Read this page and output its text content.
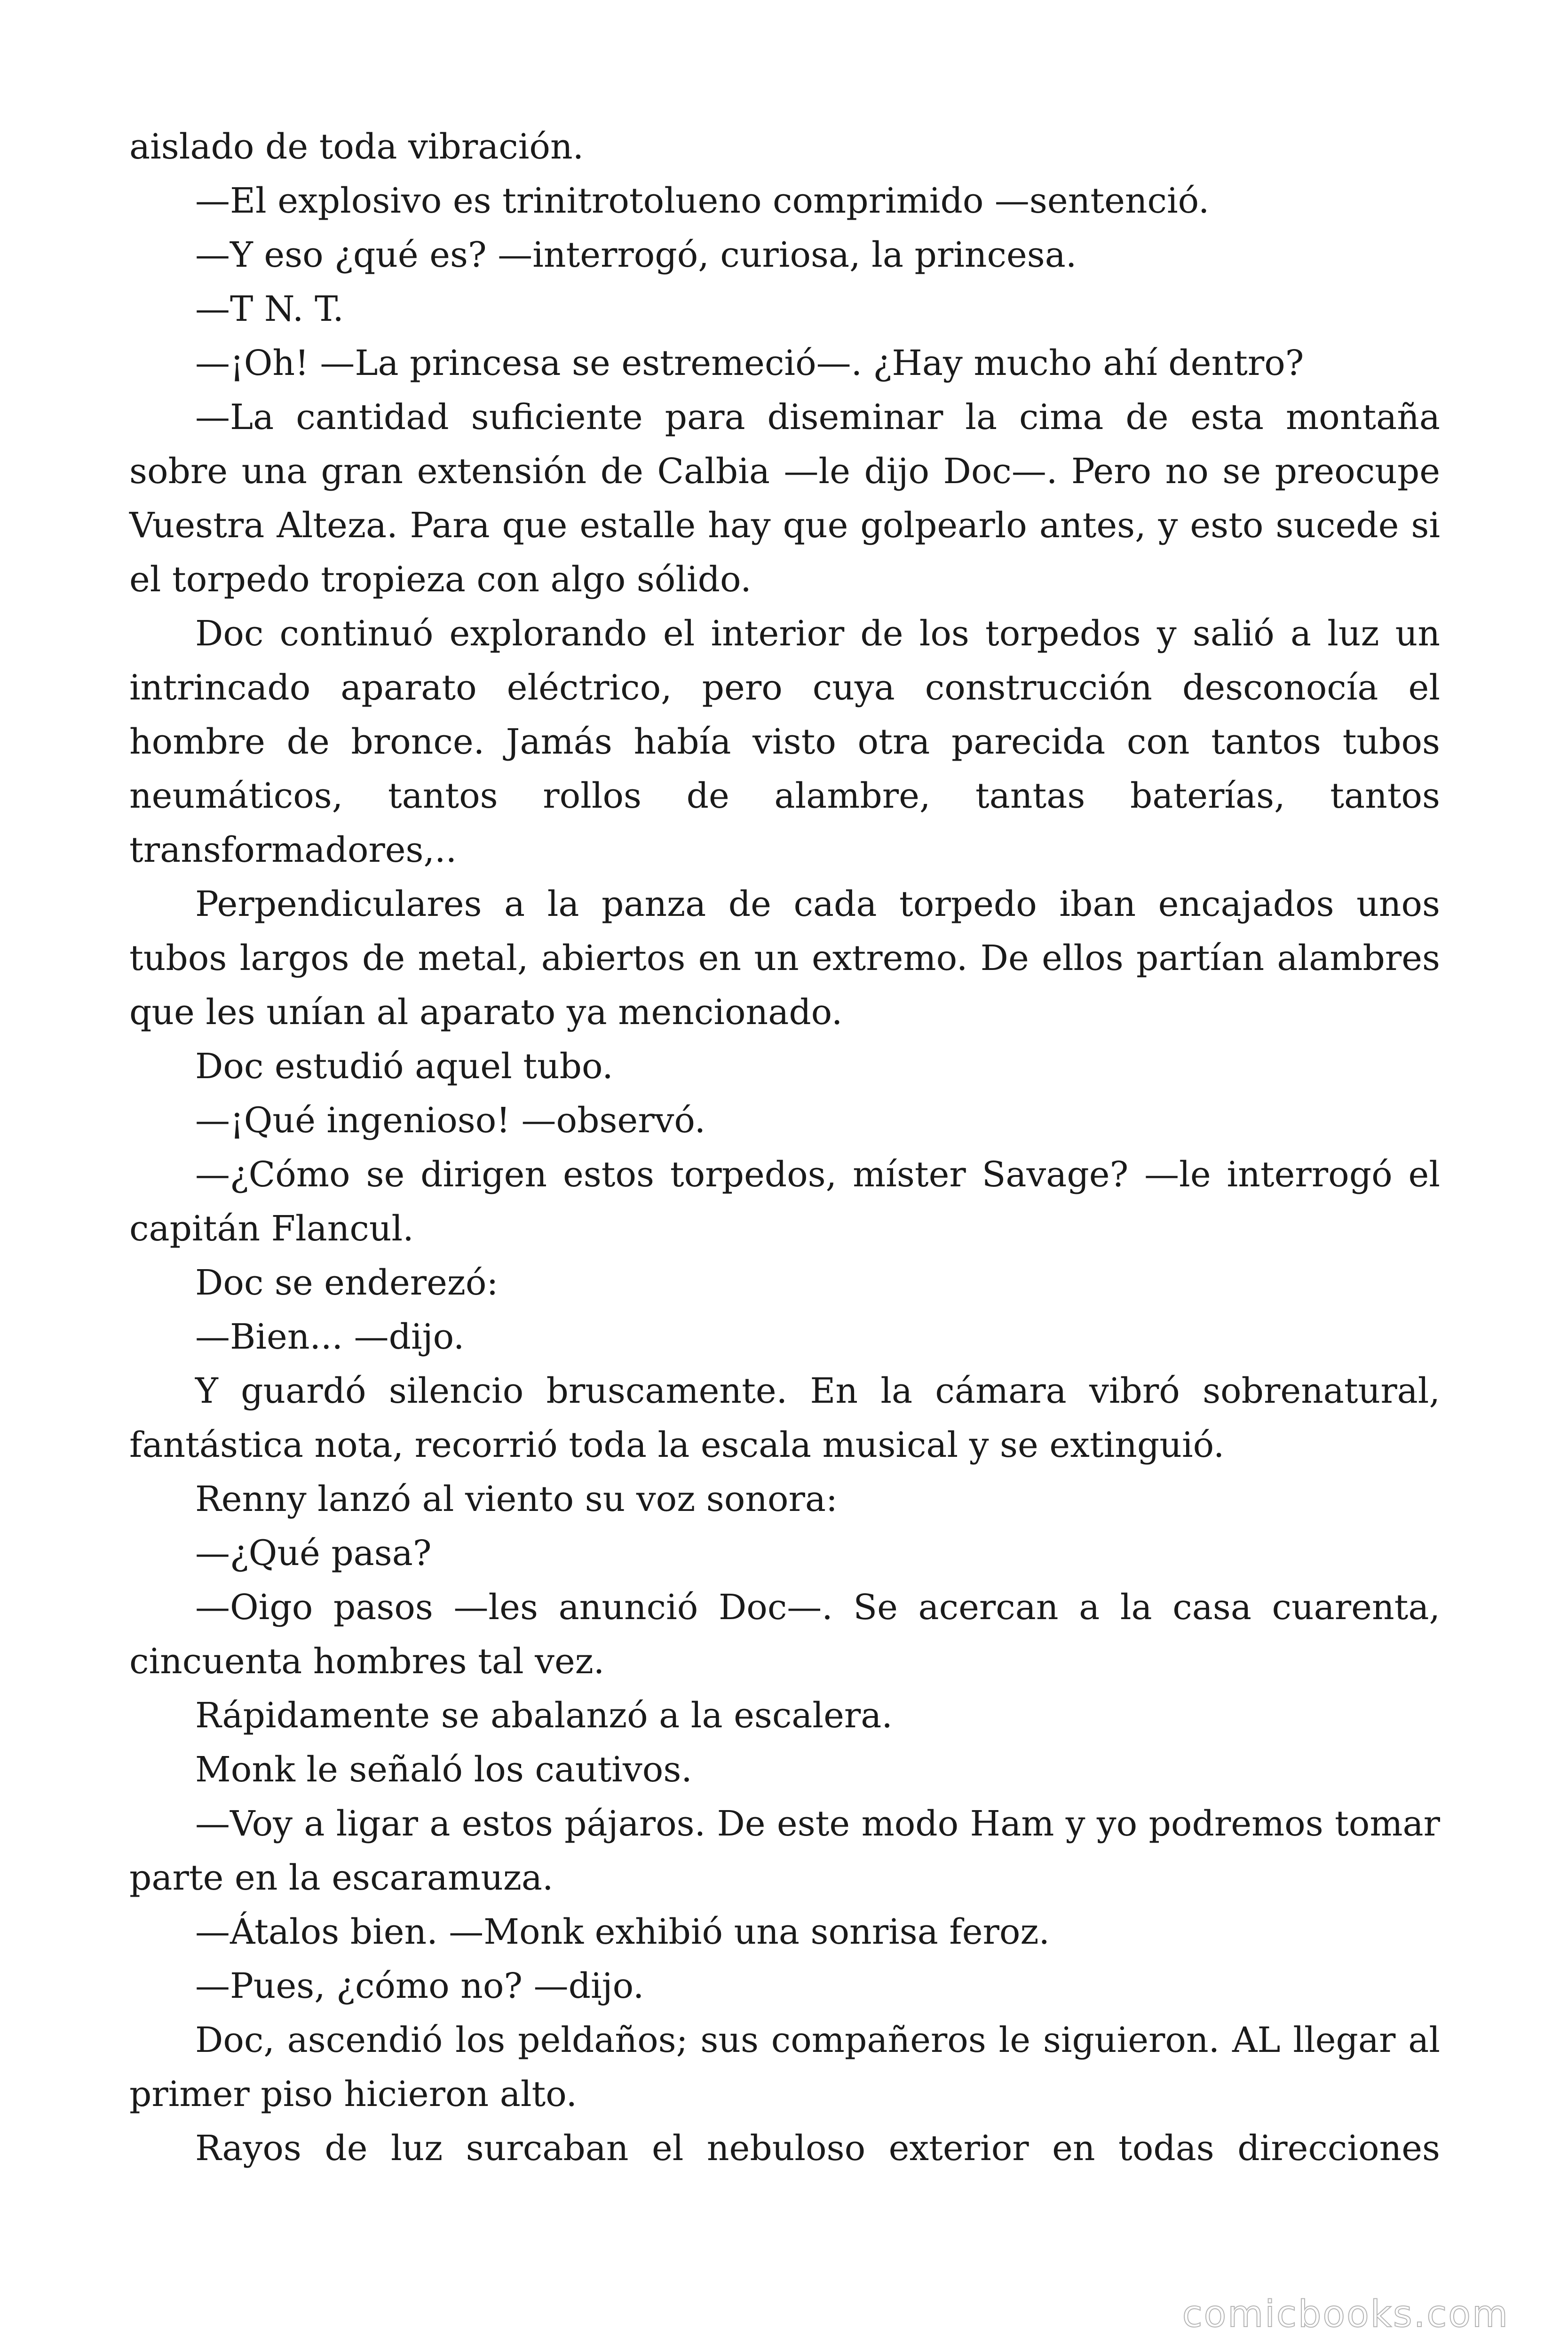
aislado de toda vibración.

—El explosivo es trinitrotolueno comprimido —sentenció.

—Y eso ¿qué es? —interrogó, curiosa, la princesa.

—T N. T.

—¡Oh! —La princesa se estremeció—. ¿Hay mucho ahí dentro?

—La cantidad suficiente para diseminar la cima de esta montaña sobre una gran extensión de Calbia —le dijo Doc—. Pero no se preocupe Vuestra Alteza. Para que estalle hay que golpearlo antes, y esto sucede si el torpedo tropieza con algo sólido.

Doc continuó explorando el interior de los torpedos y salió a luz un intrincado aparato eléctrico, pero cuya construcción desconocía el hombre de bronce. Jamás había visto otra parecida con tantos tubos neumáticos, tantos rollos de alambre, tantas baterías, tantos transformadores,..

Perpendiculares a la panza de cada torpedo iban encajados unos tubos largos de metal, abiertos en un extremo. De ellos partían alambres que les unían al aparato ya mencionado.

Doc estudió aquel tubo.

—¡Qué ingenioso! —observó.

—¿Cómo se dirigen estos torpedos, míster Savage? —le interrogó el capitán Flancul.

Doc se enderezó:

—Bien... —dijo.

Y guardó silencio bruscamente. En la cámara vibró sobrenatural, fantástica nota, recorrió toda la escala musical y se extinguió.

Renny lanzó al viento su voz sonora:

—¿Qué pasa?

—Oigo pasos —les anunció Doc—. Se acercan a la casa cuarenta, cincuenta hombres tal vez.

Rápidamente se abalanzó a la escalera.

Monk le señaló los cautivos.

—Voy a ligar a estos pájaros. De este modo Ham y yo podremos tomar parte en la escaramuza.

—Átalos bien. —Monk exhibió una sonrisa feroz.

—Pues, ¿cómo no? —dijo.

Doc, ascendió los peldaños; sus compañeros le siguieron. AL llegar al primer piso hicieron alto.

Rayos de luz surcaban el nebuloso exterior en todas direcciones

comicbooks.com
